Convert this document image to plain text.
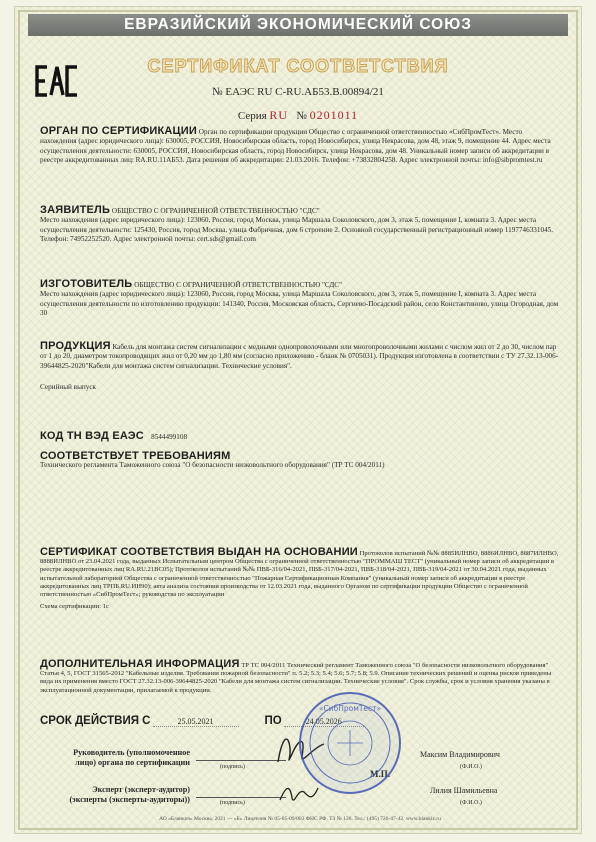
ЕВРАЗИЙСКИЙ ЭКОНОМИЧЕСКИЙ СОЮЗ
СЕРТИФИКАТ СООТВЕТСТВИЯ
№ ЕАЭС RU C-RU.АБ53.В.00894/21
Серия RU № 0201011
ОРГАН ПО СЕРТИФИКАЦИИ Орган по сертификации продукции Общество с ограниченной ответственностью «СибПромТест». Место нахождения (адрес юридического лица): 630005, РОССИЯ, Новосибирская область, город Новосибирск, улица Некрасова, дом 48, этаж 9, помещение 44. Адрес места осуществления деятельности: 630005, РОССИЯ, Новосибирская область, город Новосибирск, улица Некрасова, дом 48. Уникальный номер записи об аккредитации в реестре аккредитованных лиц: RA.RU.11АБ53. Дата решения об аккредитации: 21.03.2016. Телефон: +73832804258. Адрес электронной почты: info@sibpromtest.ru
ЗАЯВИТЕЛЬ ОБЩЕСТВО С ОГРАНИЧЕННОЙ ОТВЕТСТВЕННОСТЬЮ "СДС"
Место нахождения (адрес юридического лица): 123060, Россия, город Москва, улица Маршала Соколовского, дом 3, этаж 5, помещение I, комната 3. Адрес места осуществления деятельности: 125430, Россия, город Москва, улица Фабричная, дом 6 строение 2. Основной государственный регистрационный номер 1197746331045. Телефон: 74952252520. Адрес электронной почты: cert.sds@gmail.com
ИЗГОТОВИТЕЛЬ ОБЩЕСТВО С ОГРАНИЧЕННОЙ ОТВЕТСТВЕННОСТЬЮ "СДС"
Место нахождения (адрес юридического лица): 123060, Россия, город Москва, улица Маршала Соколовского, дом 3, этаж 5, помещение I, комната 3. Адрес места осуществления деятельности по изготовлению продукции: 141340, Россия, Московская область, Сергиево-Посадский район, село Константиново, улица Огородная, дом 30
ПРОДУКЦИЯ Кабель для монтажа систем сигнализации с медными однопроволочными или многопроволочными жилами с числом жил от 2 до 30, числом пар от 1 до 20, диаметром токопроводящих жил от 0,20 мм до 1,80 мм (согласно приложению - бланк № 0705031). Продукция изготовлена в соответствии с ТУ 27.32.13-006-39644825-2020"Кабели для монтажа систем сигнализации. Технические условия".
Серийный выпуск
КОД ТН ВЭД ЕАЭС 8544499108
СООТВЕТСТВУЕТ ТРЕБОВАНИЯМ
Технического регламента Таможенного союза "О безопасности низковольтного оборудования" (ТР ТС 004/2011)
СЕРТИФИКАТ СООТВЕТСТВИЯ ВЫДАН НА ОСНОВАНИИ Протоколов испытаний №№ 8885ИЛНВО, 8886ИЛНВО, 8887ИЛНВО, 8888ИЛНВО от 23.04.2021 года, выданных Испытательным центром Общества с ограниченной ответственностью "ПРОММАШ ТЕСТ" (уникальный номер записи об аккредитации в реестре аккредитованных лиц RA.RU.21ВС05); Протоколов испытаний №№ ПВБ-316/04-2021, ПВБ-317/04-2021, ПВБ-318/04-2021, ПВБ-319/04-2021 от 30.04.2021 года, выданных испытательной лабораторией Общества с ограниченной ответственностью "Пожарная Сертификационная Компания" (уникальный номер записи об аккредитации в реестре аккредитованных лиц ТРПБ.RU.ИН90); акта анализа состояния производства от 12.03.2021 года, выданного Органом по сертификации продукции Общество с ограниченной ответственностью «СибПромТест»; руководства по эксплуатации
Схема сертификации: 1с
ДОПОЛНИТЕЛЬНАЯ ИНФОРМАЦИЯ ТР ТС 004/2011 Технический регламент Таможенного союза "О безопасности низковольтного оборудования" Статья 4, 5, ГОСТ 31565-2012 "Кабельные изделия. Требования пожарной безопасности" п. 5.2; 5.3; 5.4; 5.6; 5.7; 5.8; 5.9. Описание технических решений и оценка рисков приведены вида их применения вместо ГОСТ 27.32.13-006-39644825-2020 "Кабели для монтажа систем сигнализации. Технические условия". Срок службы, срок и условия хранения указаны в эксплуатационной документации, прилагаемой к продукции.
СРОК ДЕЙСТВИЯ С	25.05.2021	ПО
Руководитель (уполномоченное
лицо) органа по сертификации	(подпись)
Максим Владимирович
(Ф.И.О.)
Эксперт (эксперт-аудитор)
(эксперты (эксперты-аудиторы))	(подпись)
Лилия Шамильевна
(Ф.И.О.)
«СибПромТест»
АО «Бланкиз» Москва, 2021 — «Б» Лицензия № 05-05-09/003 ФНС РФ. ТЗ № 126. Тел.: (495) 726-47-42. www.blankiz.ru
